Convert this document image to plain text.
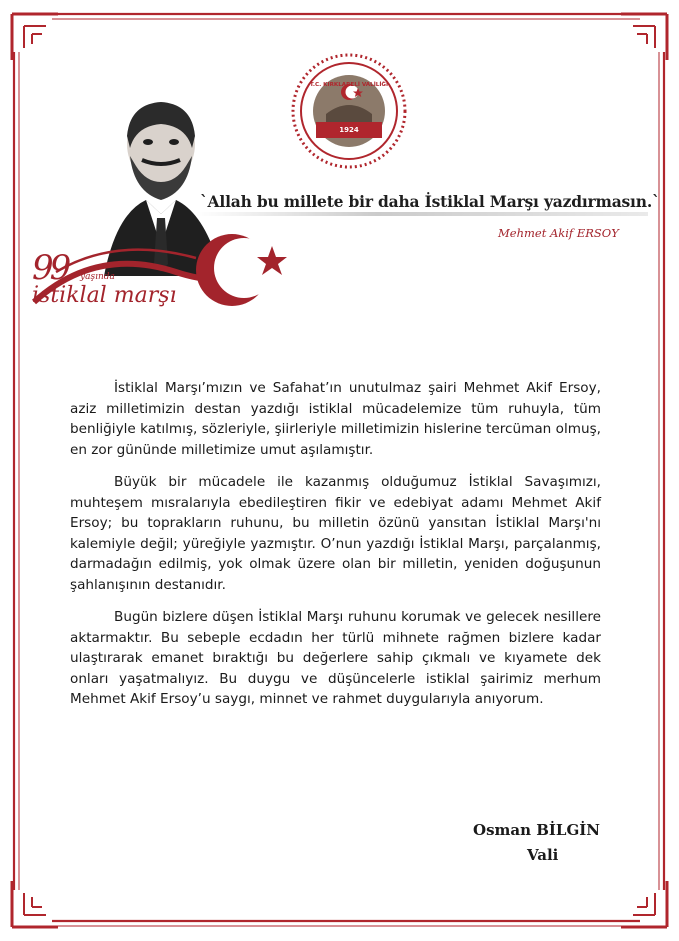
T.C. KIRKLARELİ VALİLİĞİ
1924
99 yaşında
istiklal marşı
`Allah bu millete bir daha İstiklal Marşı yazdırmasın.`
Mehmet Akif ERSOY

İstiklal Marşı’mızın ve Safahat’ın unutulmaz şairi Mehmet Akif Ersoy, aziz milletimizin destan yazdığı istiklal mücadelemize tüm ruhuyla, tüm benliğiyle katılmış, sözleriyle, şiirleriyle milletimizin hislerine tercüman olmuş, en zor gününde milletimize umut aşılamıştır.

Büyük bir mücadele ile kazanmış olduğumuz İstiklal Savaşımızı, muhteşem mısralarıyla ebedileştiren fikir ve edebiyat adamı Mehmet Akif Ersoy; bu toprakların ruhunu, bu milletin özünü yansıtan İstiklal Marşı'nı kalemiyle değil; yüreğiyle yazmıştır. O’nun yazdığı İstiklal Marşı, parçalanmış, darmadağın edilmiş, yok olmak üzere olan bir milletin, yeniden doğuşunun şahlanışının destanıdır.

Bugün bizlere düşen İstiklal Marşı ruhunu korumak ve gelecek nesillere aktarmaktır. Bu sebeple ecdadın her türlü mihnete rağmen bizlere kadar ulaştırarak emanet bıraktığı bu değerlere sahip çıkmalı ve kıyamete dek onları yaşatmalıyız. Bu duygu ve düşüncelerle istiklal şairimiz merhum Mehmet Akif Ersoy’u saygı, minnet ve rahmet duygularıyla anıyorum.

Osman BİLGİN
Vali
